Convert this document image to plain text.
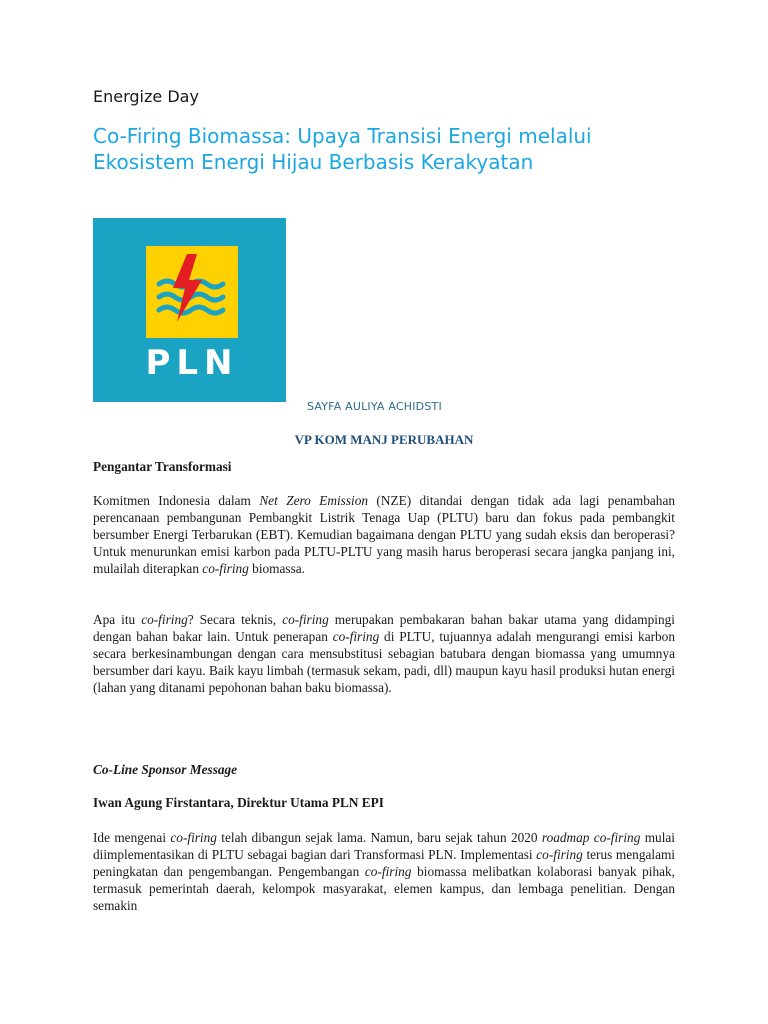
Energize Day
Co-Firing Biomassa: Upaya Transisi Energi melalui Ekosistem Energi Hijau Berbasis Kerakyatan
PLN
SAYFA AULIYA ACHIDSTI
VP KOM MANJ PERUBAHAN
Pengantar Transformasi

Komitmen Indonesia dalam Net Zero Emission (NZE) ditandai dengan tidak ada lagi penambahan perencanaan pembangunan Pembangkit Listrik Tenaga Uap (PLTU) baru dan fokus pada pembangkit bersumber Energi Terbarukan (EBT). Kemudian bagaimana dengan PLTU yang sudah eksis dan beroperasi? Untuk menurunkan emisi karbon pada PLTU-PLTU yang masih harus beroperasi secara jangka panjang ini, mulailah diterapkan co-firing biomassa.

Apa itu co-firing? Secara teknis, co-firing merupakan pembakaran bahan bakar utama yang didampingi dengan bahan bakar lain. Untuk penerapan co-firing di PLTU, tujuannya adalah mengurangi emisi karbon secara berkesinambungan dengan cara mensubstitusi sebagian batubara dengan biomassa yang umumnya bersumber dari kayu. Baik kayu limbah (termasuk sekam, padi, dll) maupun kayu hasil produksi hutan energi (lahan yang ditanami pepohonan bahan baku biomassa).

Co-Line Sponsor Message
Iwan Agung Firstantara, Direktur Utama PLN EPI

Ide mengenai co-firing telah dibangun sejak lama. Namun, baru sejak tahun 2020 roadmap co-firing mulai diimplementasikan di PLTU sebagai bagian dari Transformasi PLN. Implementasi co-firing terus mengalami peningkatan dan pengembangan. Pengembangan co-firing biomassa melibatkan kolaborasi banyak pihak, termasuk pemerintah daerah, kelompok masyarakat, elemen kampus, dan lembaga penelitian. Dengan semakin
